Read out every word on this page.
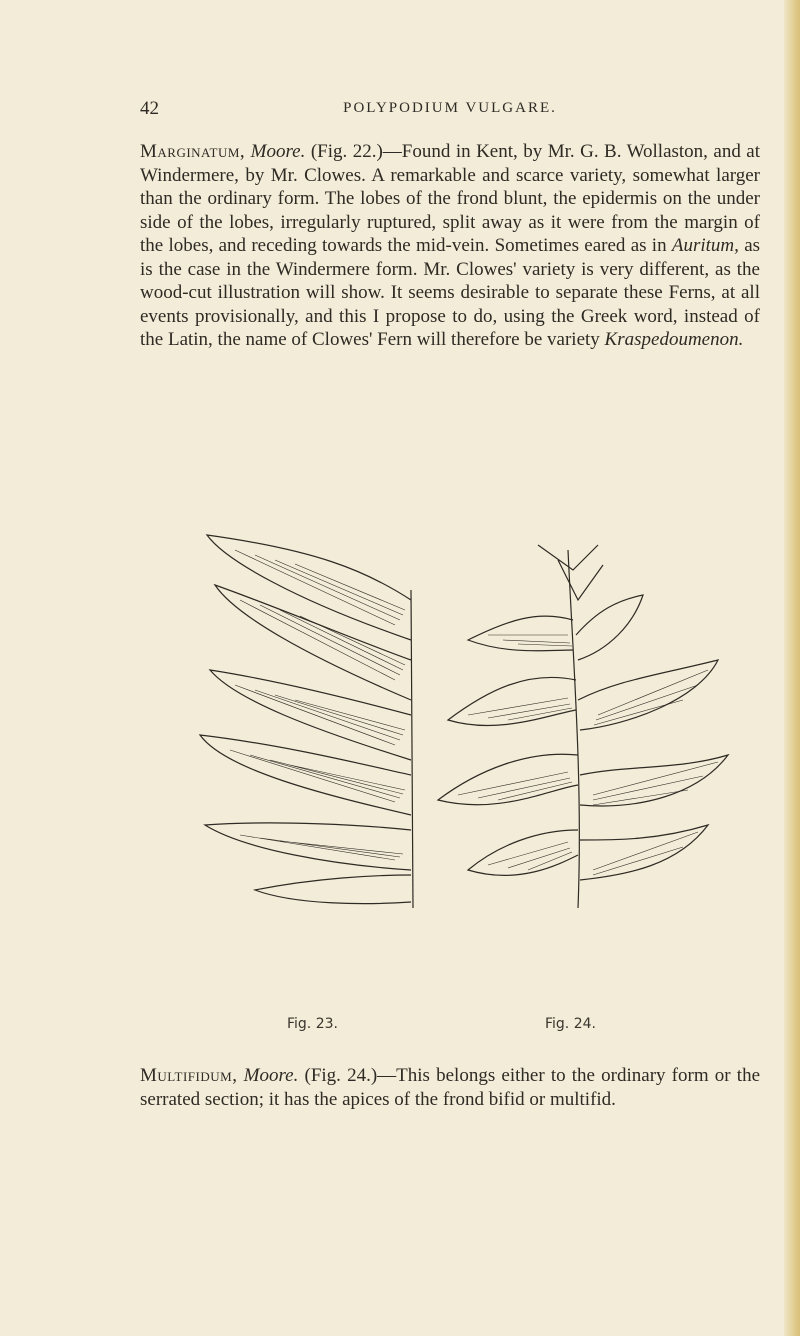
42	POLYPODIUM VULGARE.

Marginatum, Moore. (Fig. 22.)—Found in Kent, by Mr. G. B. Wollaston, and at Windermere, by Mr. Clowes. A remarkable and scarce variety, somewhat larger than the ordinary form. The lobes of the frond blunt, the epidermis on the under side of the lobes, irregularly ruptured, split away as it were from the margin of the lobes, and receding towards the mid-vein. Sometimes eared as in Auritum, as is the case in the Windermere form. Mr. Clowes' variety is very different, as the wood-cut illustration will show. It seems desirable to separate these Ferns, at all events provisionally, and this I propose to do, using the Greek word, instead of the Latin, the name of Clowes' Fern will therefore be variety Kraspedoumenon.

Fig. 23.	Fig. 24.

Multifidum, Moore. (Fig. 24.)—This belongs either to the ordinary form or the serrated section; it has the apices of the frond bifid or multifid.
